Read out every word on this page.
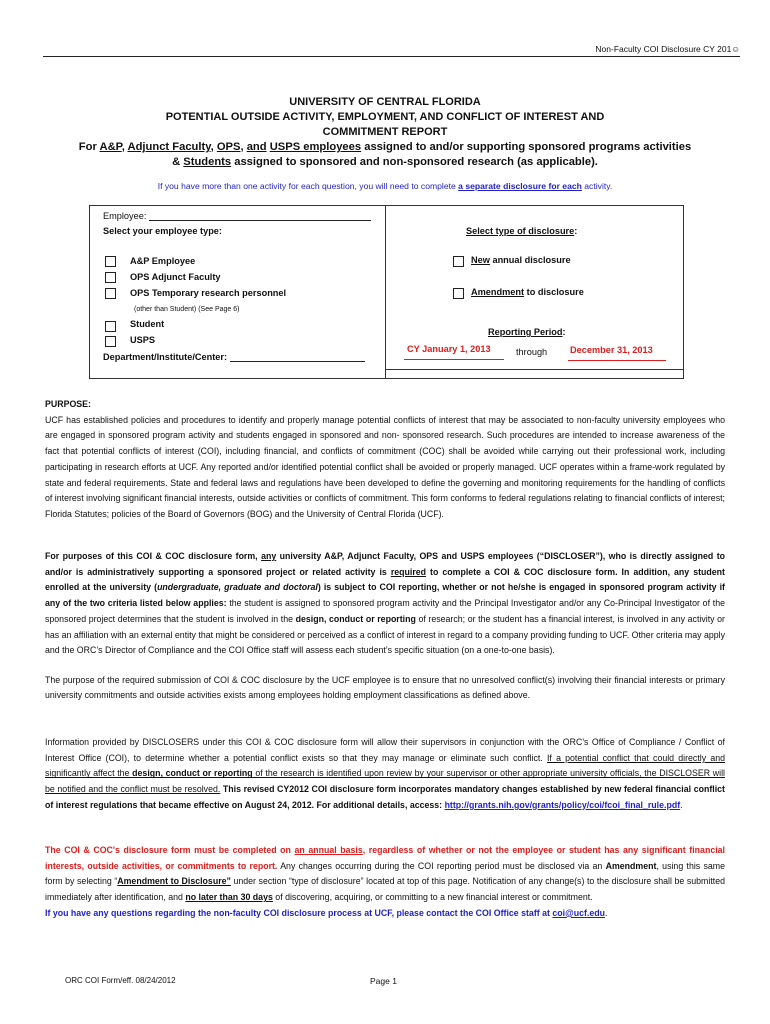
Non-Faculty COI Disclosure CY 201☺
UNIVERSITY OF CENTRAL FLORIDA
POTENTIAL OUTSIDE ACTIVITY, EMPLOYMENT, AND CONFLICT OF INTEREST AND
COMMITMENT REPORT
For A&P, Adjunct Faculty, OPS, and USPS employees assigned to and/or supporting sponsored programs activities
& Students assigned to sponsored and non-sponsored research (as applicable).
If you have more than one activity for each question, you will need to complete a separate disclosure for each activity.
Employee:
Select your employee type:
A&P Employee
OPS Adjunct Faculty
OPS Temporary research personnel
(other than Student) (See Page 6)
Student
USPS
Department/Institute/Center:
Select type of disclosure:
New annual disclosure
Amendment to disclosure
Reporting Period:
CY January 1, 2013	through December 31, 2013

PURPOSE:

UCF has established policies and procedures to identify and properly manage potential conflicts of interest that may be associated to non-faculty university employees who are engaged in sponsored program activity and students engaged in sponsored and non- sponsored research. Such procedures are intended to increase awareness of the fact that potential conflicts of interest (COI), including financial, and conflicts of commitment (COC) shall be avoided while carrying out their professional work, including participating in research efforts at UCF. Any reported and/or identified potential conflict shall be avoided or properly managed. UCF operates within a frame-work regulated by state and federal requirements. State and federal laws and regulations have been developed to define the governing and monitoring requirements for the handling of conflicts of interest involving significant financial interests, outside activities or conflicts of commitment. This form conforms to federal regulations relating to financial conflicts of interest; Florida Statutes; policies of the Board of Governors (BOG) and the University of Central Florida (UCF).

For purposes of this COI & COC disclosure form, any university A&P, Adjunct Faculty, OPS and USPS employees (“DISCLOSER”), who is directly assigned to and/or is administratively supporting a sponsored project or related activity is required to complete a COI & COC disclosure form. In addition, any student enrolled at the university (undergraduate, graduate and doctoral) is subject to COI reporting, whether or not he/she is engaged in sponsored program activity if any of the two criteria listed below applies: the student is assigned to sponsored program activity and the Principal Investigator and/or any Co-Principal Investigator of the sponsored project determines that the student is involved in the design, conduct or reporting of research; or the student has a financial interest, is involved in any activity or has an affiliation with an external entity that might be considered or perceived as a conflict of interest in regard to a company providing funding to UCF. Other criteria may apply and the ORC’s Director of Compliance and the COI Office staff will assess each student’s specific situation (on a one-to-one basis).

The purpose of the required submission of COI & COC disclosure by the UCF employee is to ensure that no unresolved conflict(s) involving their financial interests or primary university commitments and outside activities exists among employees holding employment classifications as defined above.

Information provided by DISCLOSERS under this COI & COC disclosure form will allow their supervisors in conjunction with the ORC's Office of Compliance / Conflict of Interest Office (COI), to determine whether a potential conflict exists so that they may manage or eliminate such conflict. If a potential conflict that could directly and significantly affect the design, conduct or reporting of the research is identified upon review by your supervisor or other appropriate university officials, the DISCLOSER will be notified and the conflict must be resolved. This revised CY2012 COI disclosure form incorporates mandatory changes established by new federal financial conflict of interest regulations that became effective on August 24, 2012. For additional details, access: http://grants.nih.gov/grants/policy/coi/fcoi_final_rule.pdf.

The COI & COC's disclosure form must be completed on an annual basis, regardless of whether or not the employee or student has any significant financial interests, outside activities, or commitments to report. Any changes occurring during the COI reporting period must be disclosed via an Amendment, using this same form by selecting “Amendment to Disclosure” under section “type of disclosure” located at top of this page. Notification of any change(s) to the disclosure shall be submitted immediately after identification, and no later than 30 days of discovering, acquiring, or committing to a new financial interest or commitment.

If you have any questions regarding the non-faculty COI disclosure process at UCF, please contact the COI Office staff at coi@ucf.edu.

ORC COI Form/eff. 08/24/2012	Page 1
